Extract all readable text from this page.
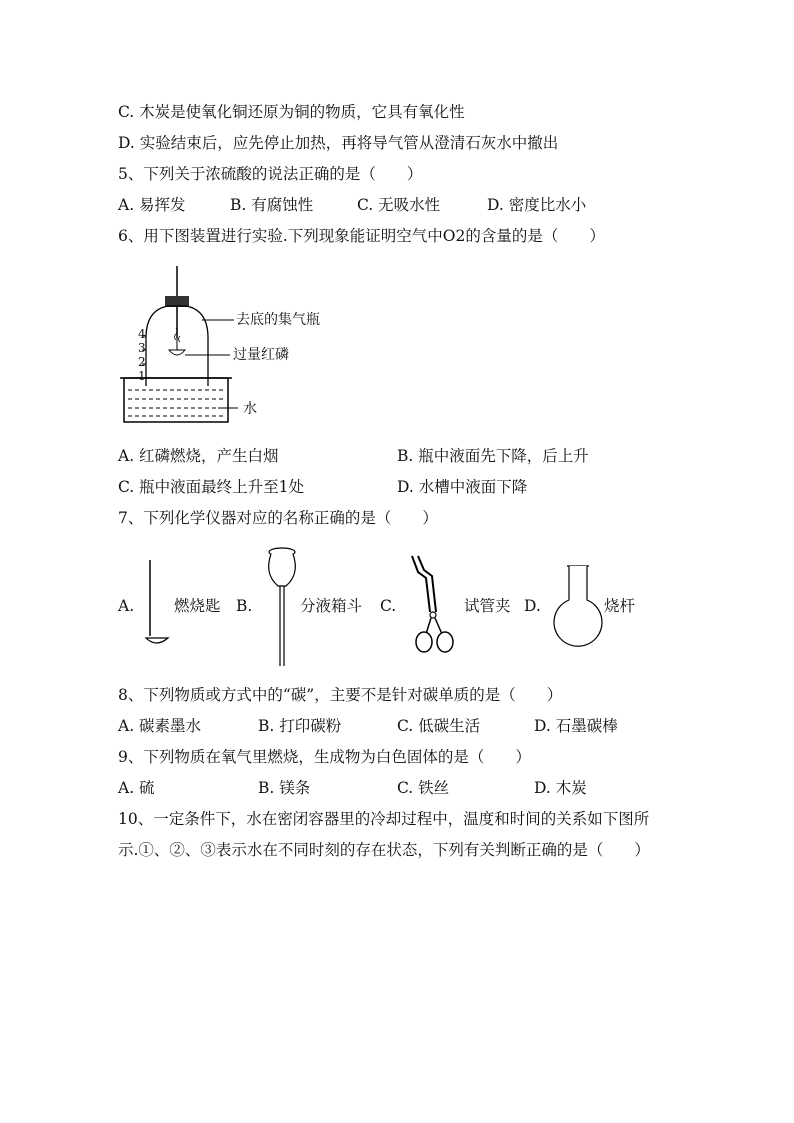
C. 木炭是使氧化铜还原为铜的物质，它具有氧化性
D. 实验结束后，应先停止加热，再将导气管从澄清石灰水中撤出
5、下列关于浓硫酸的说法正确的是（　　）
A. 易挥发	B. 有腐蚀性	C. 无吸水性	D. 密度比水小
6、用下图装置进行实验.下列现象能证明空气中O2的含量的是（　　）
4
3
2
1
去底的集气瓶
过量红磷
水
A. 红磷燃烧，产生白烟	B. 瓶中液面先下降，后上升
C. 瓶中液面最终上升至1处	D. 水槽中液面下降
7、下列化学仪器对应的名称正确的是（　　）
A.	燃烧匙 B.	分液箱斗 C.	试管夹 D.	烧杆
8、下列物质或方式中的“碳”，主要不是针对碳单质的是（　　）
A. 碳素墨水	B. 打印碳粉	C. 低碳生活	D. 石墨碳棒
9、下列物质在氧气里燃烧，生成物为白色固体的是（　　）
A. 硫	B. 镁条	C. 铁丝	D. 木炭
10、一定条件下，水在密闭容器里的冷却过程中，温度和时间的关系如下图所
示.①、②、③表示水在不同时刻的存在状态，下列有关判断正确的是（　　）
